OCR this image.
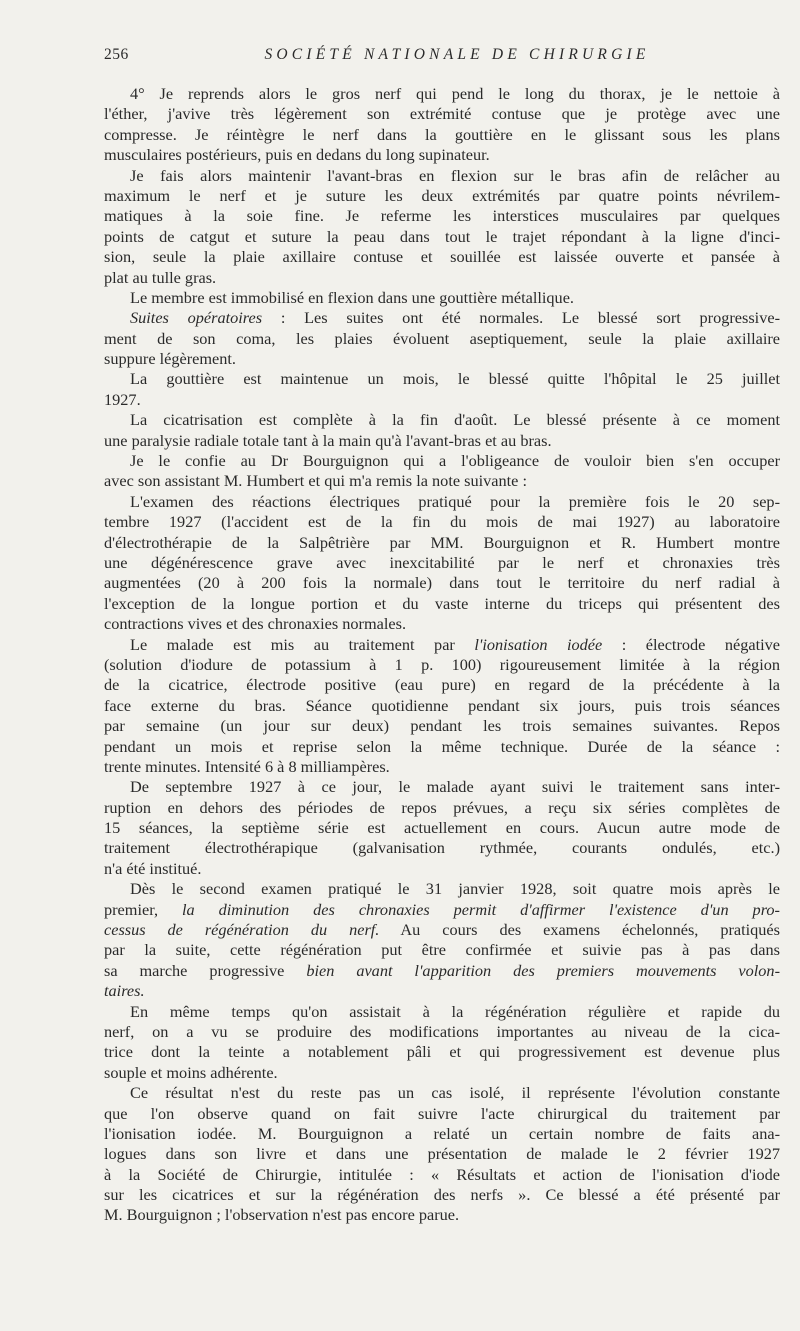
256	SOCIÉTÉ NATIONALE DE CHIRURGIE
4° Je reprends alors le gros nerf qui pend le long du thorax, je le nettoie à
l'éther, j'avive très légèrement son extrémité contuse que je protège avec une
compresse. Je réintègre le nerf dans la gouttière en le glissant sous les plans
musculaires postérieurs, puis en dedans du long supinateur.
Je fais alors maintenir l'avant-bras en flexion sur le bras afin de relâcher au
maximum le nerf et je suture les deux extrémités par quatre points névrilem-
matiques à la soie fine. Je referme les interstices musculaires par quelques
points de catgut et suture la peau dans tout le trajet répondant à la ligne d'inci-
sion, seule la plaie axillaire contuse et souillée est laissée ouverte et pansée à
plat au tulle gras.
Le membre est immobilisé en flexion dans une gouttière métallique.
Suites opératoires : Les suites ont été normales. Le blessé sort progressive-
ment de son coma, les plaies évoluent aseptiquement, seule la plaie axillaire
suppure légèrement.
La gouttière est maintenue un mois, le blessé quitte l'hôpital le 25 juillet
1927.
La cicatrisation est complète à la fin d'août. Le blessé présente à ce moment
une paralysie radiale totale tant à la main qu'à l'avant-bras et au bras.
Je le confie au Dr Bourguignon qui a l'obligeance de vouloir bien s'en occuper
avec son assistant M. Humbert et qui m'a remis la note suivante :
L'examen des réactions électriques pratiqué pour la première fois le 20 sep-
tembre 1927 (l'accident est de la fin du mois de mai 1927) au laboratoire
d'électrothérapie de la Salpêtrière par MM. Bourguignon et R. Humbert montre
une dégénérescence grave avec inexcitabilité par le nerf et chronaxies très
augmentées (20 à 200 fois la normale) dans tout le territoire du nerf radial à
l'exception de la longue portion et du vaste interne du triceps qui présentent des
contractions vives et des chronaxies normales.
Le malade est mis au traitement par l'ionisation iodée : électrode négative
(solution d'iodure de potassium à 1 p. 100) rigoureusement limitée à la région
de la cicatrice, électrode positive (eau pure) en regard de la précédente à la
face externe du bras. Séance quotidienne pendant six jours, puis trois séances
par semaine (un jour sur deux) pendant les trois semaines suivantes. Repos
pendant un mois et reprise selon la même technique. Durée de la séance :
trente minutes. Intensité 6 à 8 milliampères.
De septembre 1927 à ce jour, le malade ayant suivi le traitement sans inter-
ruption en dehors des périodes de repos prévues, a reçu six séries complètes de
15 séances, la septième série est actuellement en cours. Aucun autre mode de
traitement électrothérapique (galvanisation rythmée, courants ondulés, etc.)
n'a été institué.
Dès le second examen pratiqué le 31 janvier 1928, soit quatre mois après le
premier, la diminution des chronaxies permit d'affirmer l'existence d'un pro-
cessus de régénération du nerf. Au cours des examens échelonnés, pratiqués
par la suite, cette régénération put être confirmée et suivie pas à pas dans
sa marche progressive bien avant l'apparition des premiers mouvements volon-
taires.
En même temps qu'on assistait à la régénération régulière et rapide du
nerf, on a vu se produire des modifications importantes au niveau de la cica-
trice dont la teinte a notablement pâli et qui progressivement est devenue plus
souple et moins adhérente.
Ce résultat n'est du reste pas un cas isolé, il représente l'évolution constante
que l'on observe quand on fait suivre l'acte chirurgical du traitement par
l'ionisation iodée. M. Bourguignon a relaté un certain nombre de faits ana-
logues dans son livre et dans une présentation de malade le 2 février 1927
à la Société de Chirurgie, intitulée : « Résultats et action de l'ionisation d'iode
sur les cicatrices et sur la régénération des nerfs ». Ce blessé a été présenté par
M. Bourguignon ; l'observation n'est pas encore parue.
